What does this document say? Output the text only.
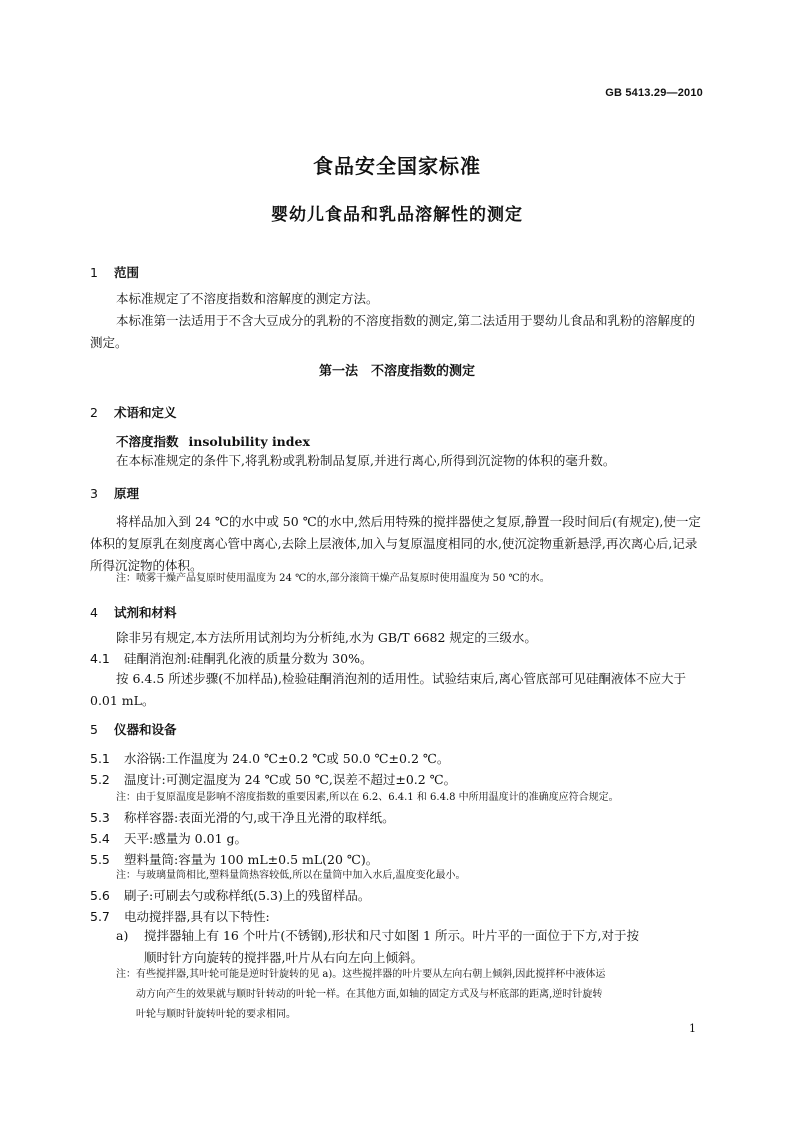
GB 5413.29—2010
食品安全国家标准
婴幼儿食品和乳品溶解性的测定
1 范围
本标准规定了不溶度指数和溶解度的测定方法。
本标准第一法适用于不含大豆成分的乳粉的不溶度指数的测定,第二法适用于婴幼儿食品和乳粉的溶解度的测定。
第一法　不溶度指数的测定
2 术语和定义
不溶度指数 insolubility index
在本标准规定的条件下,将乳粉或乳粉制品复原,并进行离心,所得到沉淀物的体积的毫升数。
3 原理
将样品加入到 24 ℃的水中或 50 ℃的水中,然后用特殊的搅拌器使之复原,静置一段时间后(有规定),使一定体积的复原乳在刻度离心管中离心,去除上层液体,加入与复原温度相同的水,使沉淀物重新悬浮,再次离心后,记录所得沉淀物的体积。
注：喷雾干燥产品复原时使用温度为 24 ℃的水,部分滚筒干燥产品复原时使用温度为 50 ℃的水。
4 试剂和材料
除非另有规定,本方法所用试剂均为分析纯,水为 GB/T 6682 规定的三级水。
4.1 硅酮消泡剂:硅酮乳化液的质量分数为 30%。
按 6.4.5 所述步骤(不加样品),检验硅酮消泡剂的适用性。试验结束后,离心管底部可见硅酮液体不应大于 0.01 mL。
5 仪器和设备
5.1 水浴锅:工作温度为 24.0 ℃±0.2 ℃或 50.0 ℃±0.2 ℃。
5.2 温度计:可测定温度为 24 ℃或 50 ℃,误差不超过±0.2 ℃。
注：由于复原温度是影响不溶度指数的重要因素,所以在 6.2、6.4.1 和 6.4.8 中所用温度计的准确度应符合规定。
5.3 称样容器:表面光滑的勺,或干净且光滑的取样纸。
5.4 天平:感量为 0.01 g。
5.5 塑料量筒:容量为 100 mL±0.5 mL(20 ℃)。
注：与玻璃量筒相比,塑料量筒热容较低,所以在量筒中加入水后,温度变化最小。
5.6 刷子:可刷去勺或称样纸(5.3)上的残留样品。
5.7 电动搅拌器,具有以下特性:
a) 搅拌器轴上有 16 个叶片(不锈钢),形状和尺寸如图 1 所示。叶片平的一面位于下方,对于按
顺时针方向旋转的搅拌器,叶片从右向左向上倾斜。
注：有些搅拌器,其叶轮可能是逆时针旋转的见 a)。这些搅拌器的叶片要从左向右朝上倾斜,因此搅拌杯中液体运
动方向产生的效果就与顺时针转动的叶轮一样。在其他方面,如轴的固定方式及与杯底部的距离,逆时针旋转
叶轮与顺时针旋转叶轮的要求相同。
1
